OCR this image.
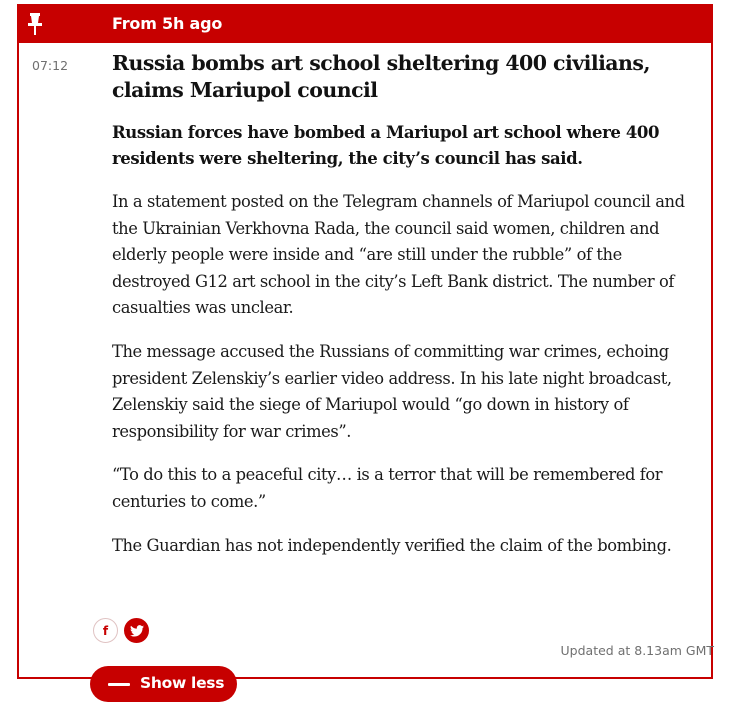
From 5h ago
07:12 Russia bombs art school sheltering 400 civilians, claims Mariupol council

Russian forces have bombed a Mariupol art school where 400 residents were sheltering, the city’s council has said.

In a statement posted on the Telegram channels of Mariupol council and the Ukrainian Verkhovna Rada, the council said women, children and elderly people were inside and “are still under the rubble” of the destroyed G12 art school in the city’s Left Bank district. The number of casualties was unclear.

The message accused the Russians of committing war crimes, echoing president Zelenskiy’s earlier video address. In his late night broadcast, Zelenskiy said the siege of Mariupol would “go down in history of responsibility for war crimes”.

“To do this to a peaceful city… is a terror that will be remembered for centuries to come.”

The Guardian has not independently verified the claim of the bombing.

f
Updated at 8.13am GMT
Show less
